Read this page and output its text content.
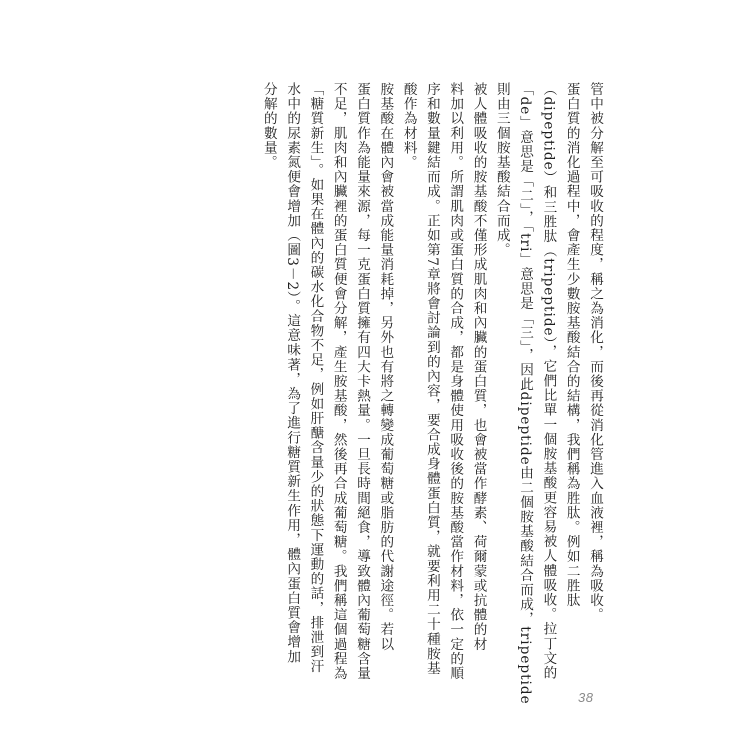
管中被分解至可吸收的程度，稱之為消化，而後再從消化管進入血液裡，稱為吸收。
蛋白質的消化過程中，會產生少數胺基酸結合的結構，我們稱為胜肽。例如二胜肽
（dipeptide）和三胜肽（tripeptide），它們比單一個胺基酸更容易被人體吸收。拉丁文的
「de」意思是「二」，「tri」意思是「三」，因此dipeptide由二個胺基酸結合而成，tripeptide
則由三個胺基酸結合而成。
被人體吸收的胺基酸不僅形成肌肉和內臟的蛋白質，也會被當作酵素、荷爾蒙或抗體的材
料加以利用。所謂肌肉或蛋白質的合成，都是身體使用吸收後的胺基酸當作材料，依一定的順
序和數量鍵結而成。正如第7章將會討論到的內容，要合成身體蛋白質，就要利用二十種胺基
酸作為材料。
胺基酸在體內會被當成能量消耗掉，另外也有將之轉變成葡萄糖或脂肪的代謝途徑。若以
蛋白質作為能量來源，每一克蛋白質擁有四大卡熱量。一旦長時間絕食，導致體內葡萄糖含量
不足，肌肉和內臟裡的蛋白質便會分解，產生胺基酸，然後再合成葡萄糖。我們稱這個過程為
「糖質新生」。如果在體內的碳水化合物不足，例如肝醣含量少的狀態下運動的話，排泄到汗
水中的尿素氮便會增加（圖3－2）。這意味著，為了進行糖質新生作用，體內蛋白質會增加
分解的數量。
38
